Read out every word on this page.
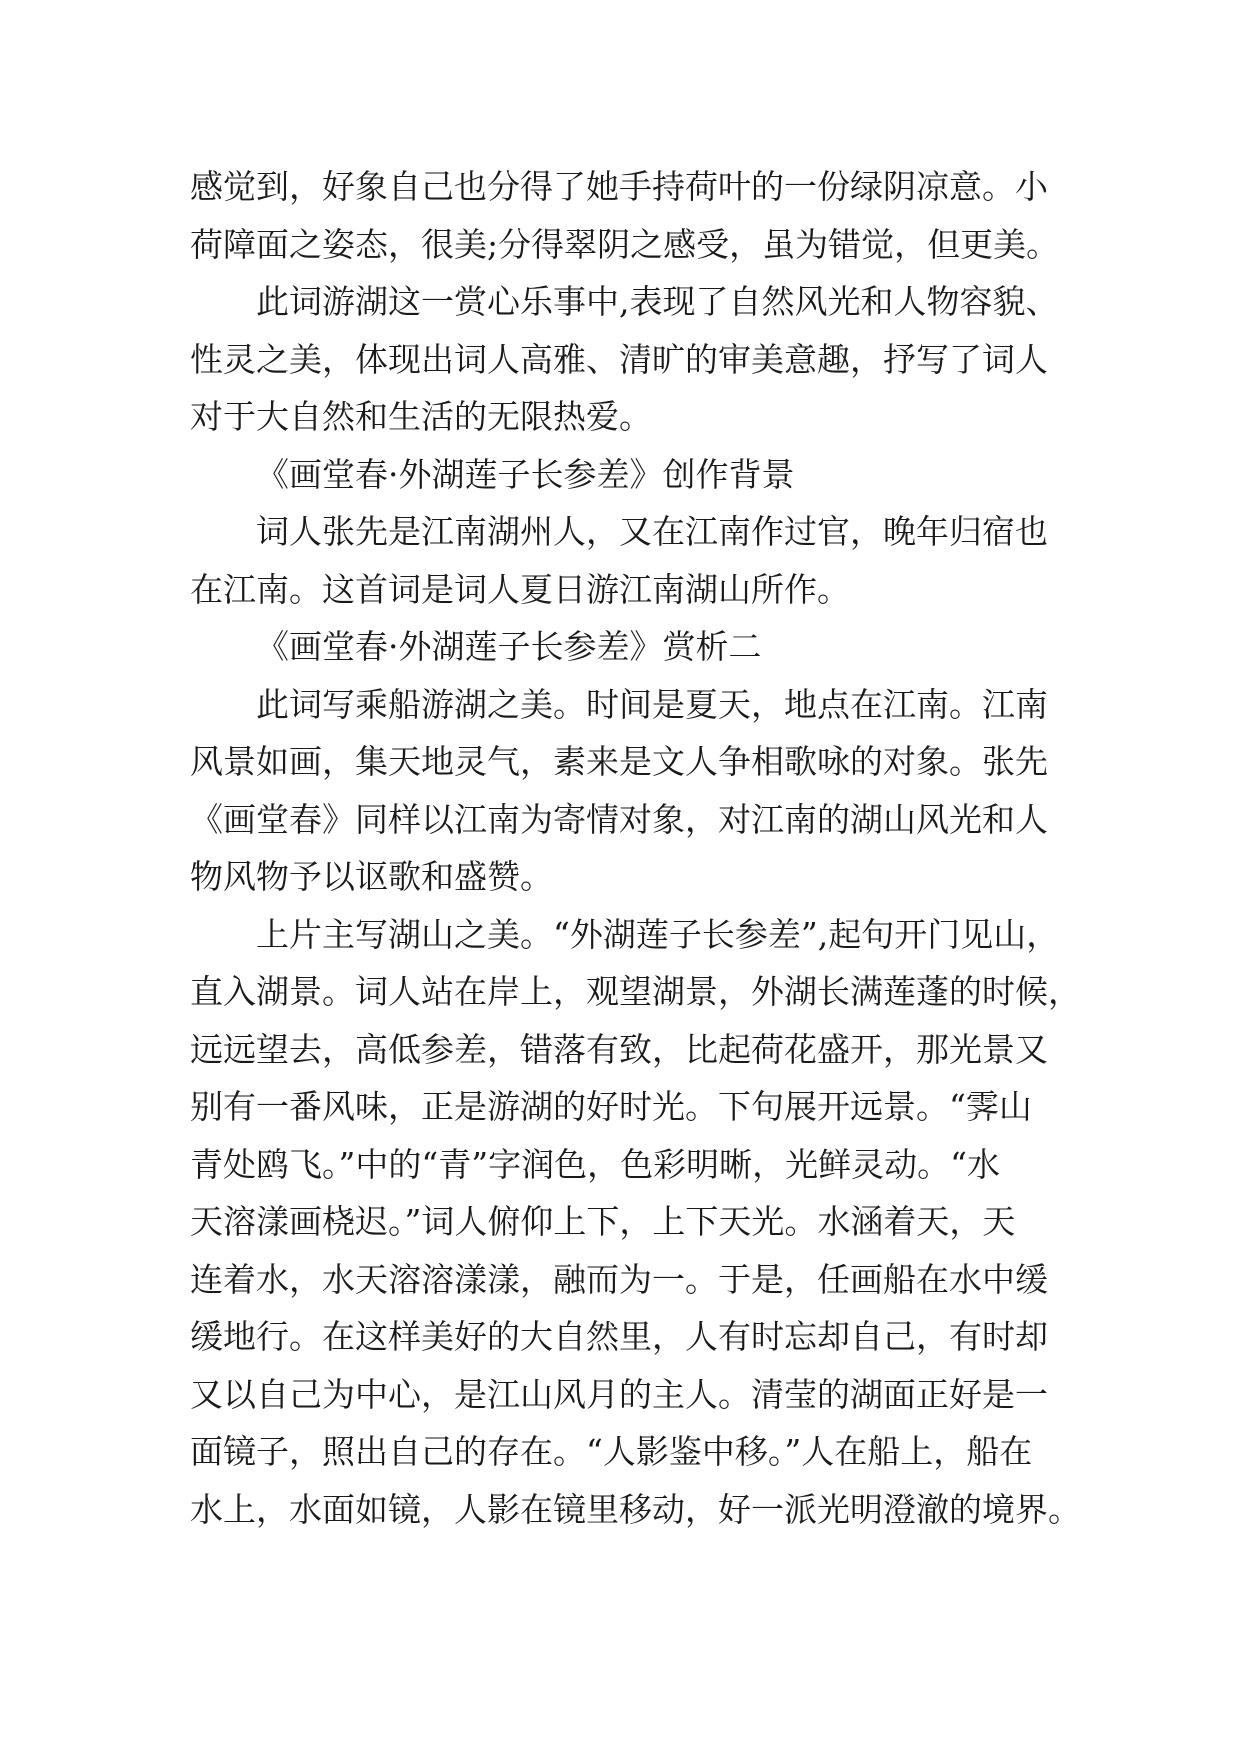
感觉到，好象自己也分得了她手持荷叶的一份绿阴凉意。小
荷障面之姿态，很美;分得翠阴之感受，虽为错觉，但更美。
此词游湖这一赏心乐事中,表现了自然风光和人物容貌、
性灵之美，体现出词人高雅、清旷的审美意趣，抒写了词人
对于大自然和生活的无限热爱。
《画堂春·外湖莲子长参差》创作背景
词人张先是江南湖州人，又在江南作过官，晚年归宿也
在江南。这首词是词人夏日游江南湖山所作。
《画堂春·外湖莲子长参差》赏析二
此词写乘船游湖之美。时间是夏天，地点在江南。江南
风景如画，集天地灵气，素来是文人争相歌咏的对象。张先
《画堂春》同样以江南为寄情对象，对江南的湖山风光和人
物风物予以讴歌和盛赞。
上片主写湖山之美。“外湖莲子长参差”,起句开门见山，
直入湖景。词人站在岸上，观望湖景，外湖长满莲蓬的时候，
远远望去，高低参差，错落有致，比起荷花盛开，那光景又
别有一番风味，正是游湖的好时光。下句展开远景。“霁山
青处鸥飞。”中的“青”字润色，色彩明晰，光鲜灵动。“水
天溶漾画桡迟。”词人俯仰上下，上下天光。水涵着天，天
连着水，水天溶溶漾漾，融而为一。于是，任画船在水中缓
缓地行。在这样美好的大自然里，人有时忘却自己，有时却
又以自己为中心，是江山风月的主人。清莹的湖面正好是一
面镜子，照出自己的存在。“人影鉴中移。”人在船上，船在
水上，水面如镜，人影在镜里移动，好一派光明澄澈的境界。
